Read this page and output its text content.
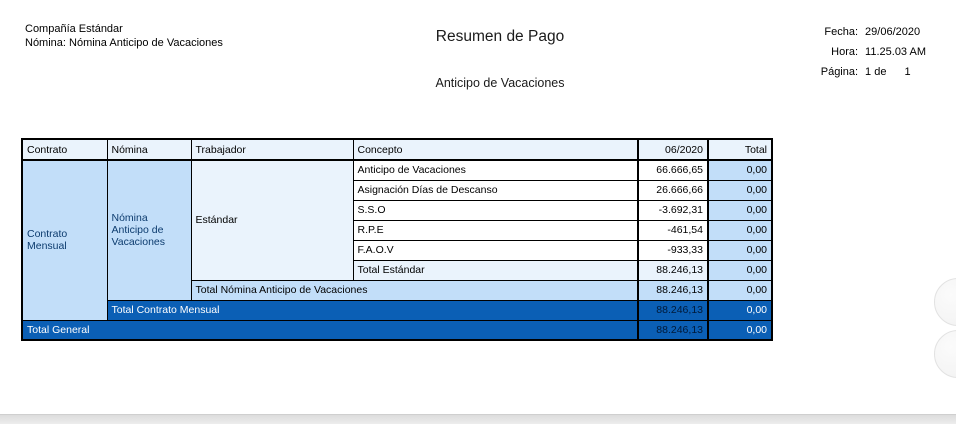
Compañía Estándar
Nómina: Nómina Anticipo de Vacaciones	Resumen de Pago
Anticipo de Vacaciones
Fecha: 29/06/2020
Hora: 11.25.03 AM
Página: 1 de 1
Contrato	Nómina	Trabajador	Concepto	06/2020	Total
Contrato Mensual	Nómina Anticipo de Vacaciones	Estándar	Anticipo de Vacaciones	66.666,65	0,00
			Asignación Días de Descanso	26.666,66	0,00
			S.S.O	-3.692,31	0,00
			R.P.E	-461,54	0,00
			F.A.O.V	-933,33	0,00
			Total Estándar	88.246,13	0,00
		Total Nómina Anticipo de Vacaciones		88.246,13	0,00
	Total Contrato Mensual			88.246,13	0,00
Total General				88.246,13	0,00
